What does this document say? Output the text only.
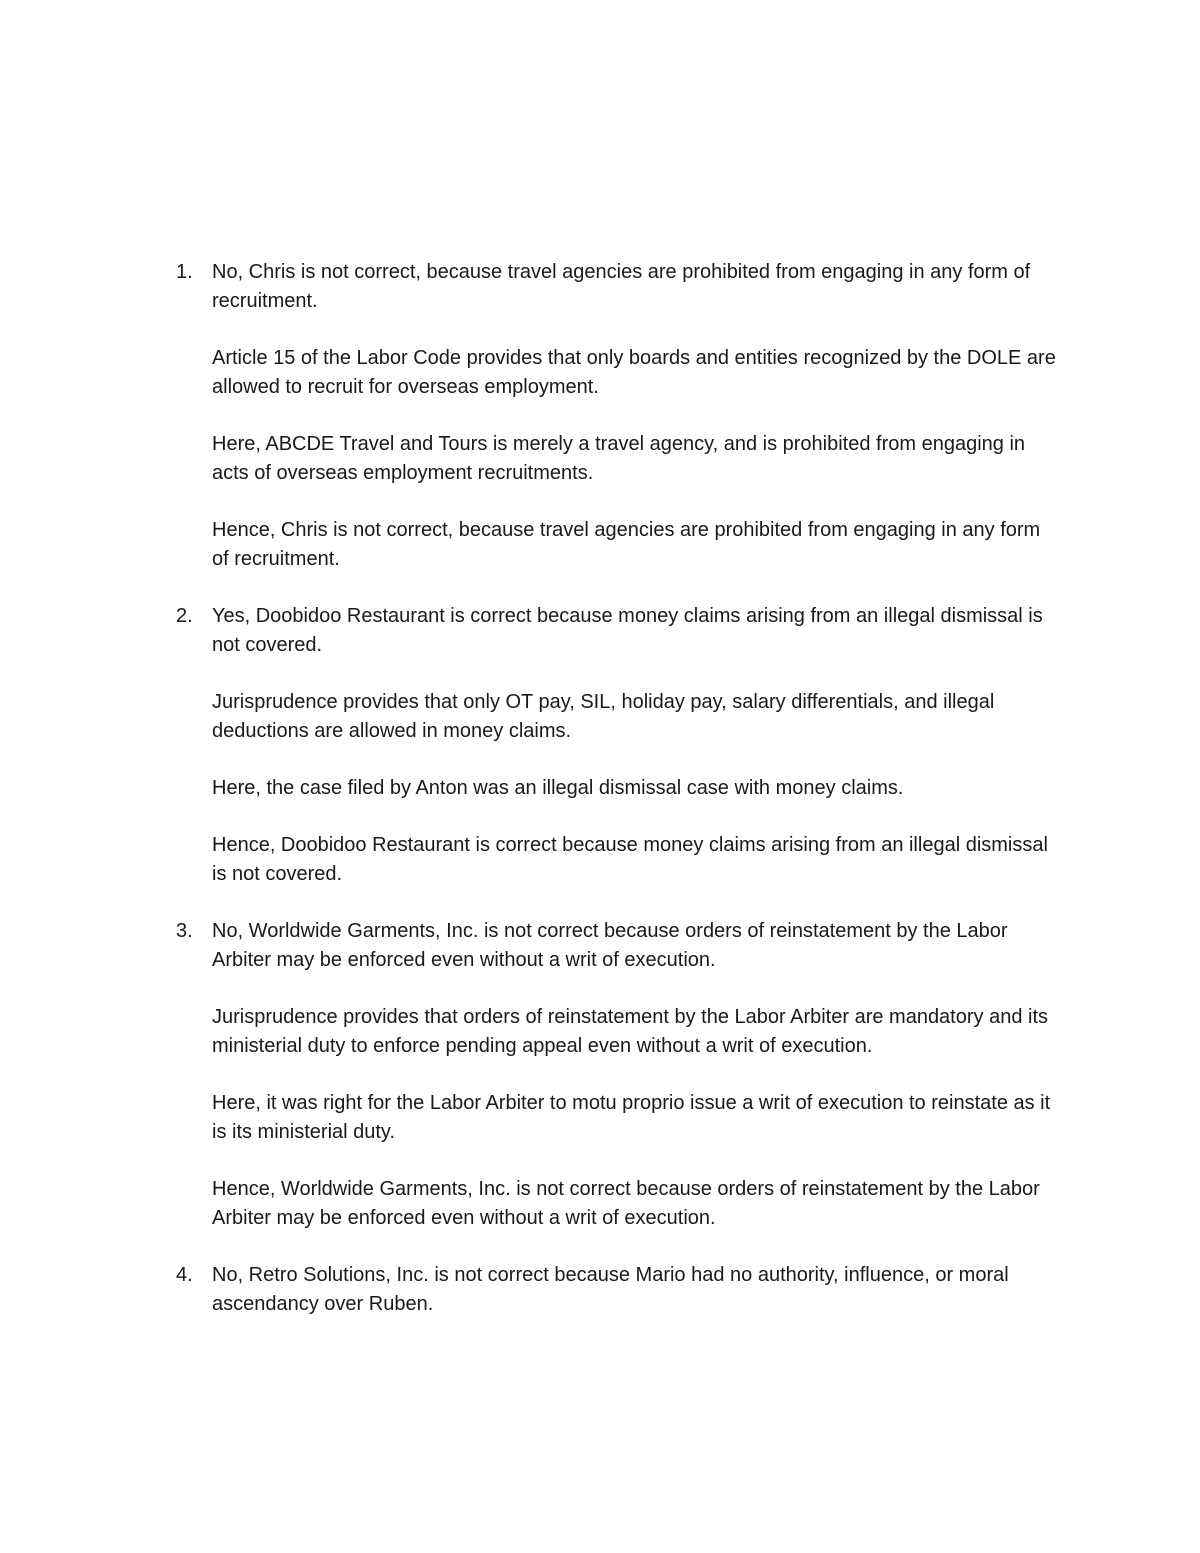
1. No, Chris is not correct, because travel agencies are prohibited from engaging in any form of recruitment.

Article 15 of the Labor Code provides that only boards and entities recognized by the DOLE are allowed to recruit for overseas employment.

Here, ABCDE Travel and Tours is merely a travel agency, and is prohibited from engaging in acts of overseas employment recruitments.

Hence, Chris is not correct, because travel agencies are prohibited from engaging in any form of recruitment.

2. Yes, Doobidoo Restaurant is correct because money claims arising from an illegal dismissal is not covered.

Jurisprudence provides that only OT pay, SIL, holiday pay, salary differentials, and illegal deductions are allowed in money claims.

Here, the case filed by Anton was an illegal dismissal case with money claims.

Hence, Doobidoo Restaurant is correct because money claims arising from an illegal dismissal is not covered.

3. No, Worldwide Garments, Inc. is not correct because orders of reinstatement by the Labor Arbiter may be enforced even without a writ of execution.

Jurisprudence provides that orders of reinstatement by the Labor Arbiter are mandatory and its ministerial duty to enforce pending appeal even without a writ of execution.

Here, it was right for the Labor Arbiter to motu proprio issue a writ of execution to reinstate as it is its ministerial duty.

Hence, Worldwide Garments, Inc. is not correct because orders of reinstatement by the Labor Arbiter may be enforced even without a writ of execution.

4. No, Retro Solutions, Inc. is not correct because Mario had no authority, influence, or moral ascendancy over Ruben.
